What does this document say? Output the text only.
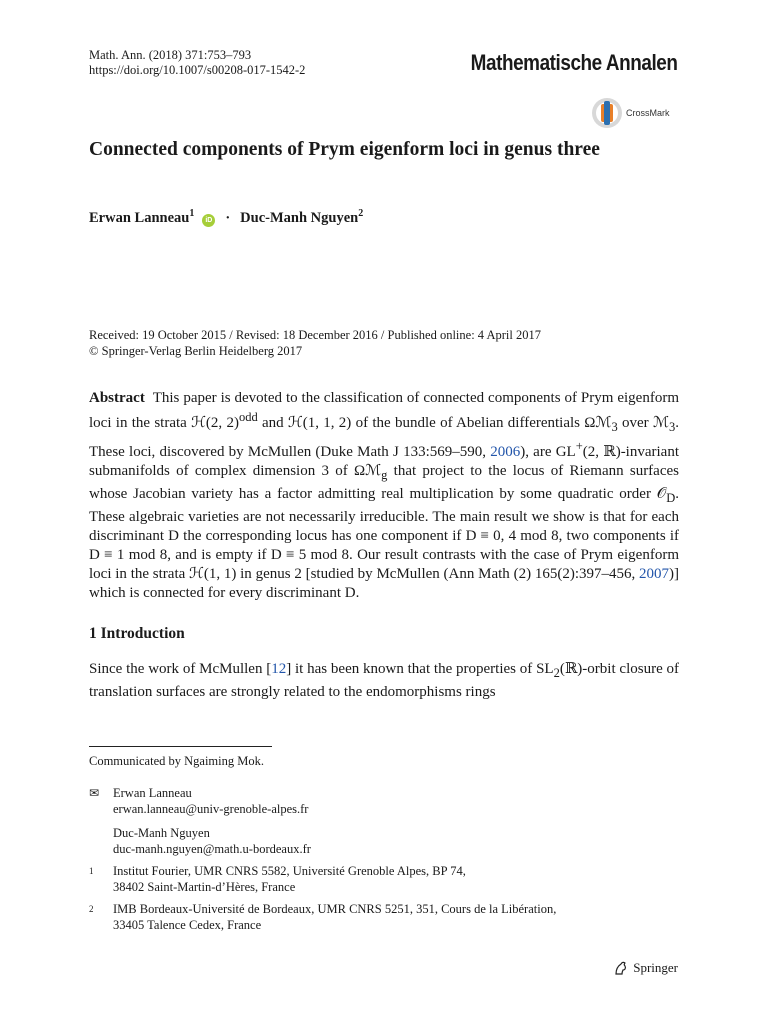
Math. Ann. (2018) 371:753–793
https://doi.org/10.1007/s00208-017-1542-2	Mathematische Annalen
CrossMark
Connected components of Prym eigenform loci in genus three
Erwan Lanneau$^1$
iD · Duc-Manh Nguyen$^2$
Received: 19 October 2015 / Revised: 18 December 2016 / Published online: 4 April 2017
© Springer-Verlag Berlin Heidelberg 2017
Abstract This paper is devoted to the classification of connected components of Prym eigenform loci in the strata ℋ(2, 2)$^{odd}$ and ℋ(1, 1, 2) of the bundle of Abelian differentials Ωℳ$_3$ over ℳ$_3$. These loci, discovered by McMullen (Duke Math J 133:569–590, 2006), are GL+(2, ℝ)-invariant submanifolds of complex dimension 3 of Ωℳ$_g$ that project to the locus of Riemann surfaces whose Jacobian variety has a factor admitting real multiplication by some quadratic order 𝒪$_D$. These algebraic varieties are not necessarily irreducible. The main result we show is that for each discriminant D the corresponding locus has one component if D ≡ 0, 4 mod 8, two components if D ≡ 1 mod 8, and is empty if D ≡ 5 mod 8. Our result contrasts with the case of Prym eigenform loci in the strata ℋ(1, 1) in genus 2 [studied by McMullen (Ann Math (2) 165(2):397–456, 2007)] which is connected for every discriminant D.
1 Introduction
Since the work of McMullen [12] it has been known that the properties of $SL_2(ℝ)$-orbit closure of translation surfaces are strongly related to the endomorphisms rings
Communicated by Ngaiming Mok.
✉	Erwan Lanneau
erwan.lanneau@univ-grenoble-alpes.fr
Duc-Manh Nguyen
duc-manh.nguyen@math.u-bordeaux.fr
1	Institut Fourier, UMR CNRS 5582, Université Grenoble Alpes, BP 74,
38402 Saint-Martin-d’Hères, France
2	IMB Bordeaux-Université de Bordeaux, UMR CNRS 5251, 351, Cours de la Libération,
33405 Talence Cedex, France
Springer
